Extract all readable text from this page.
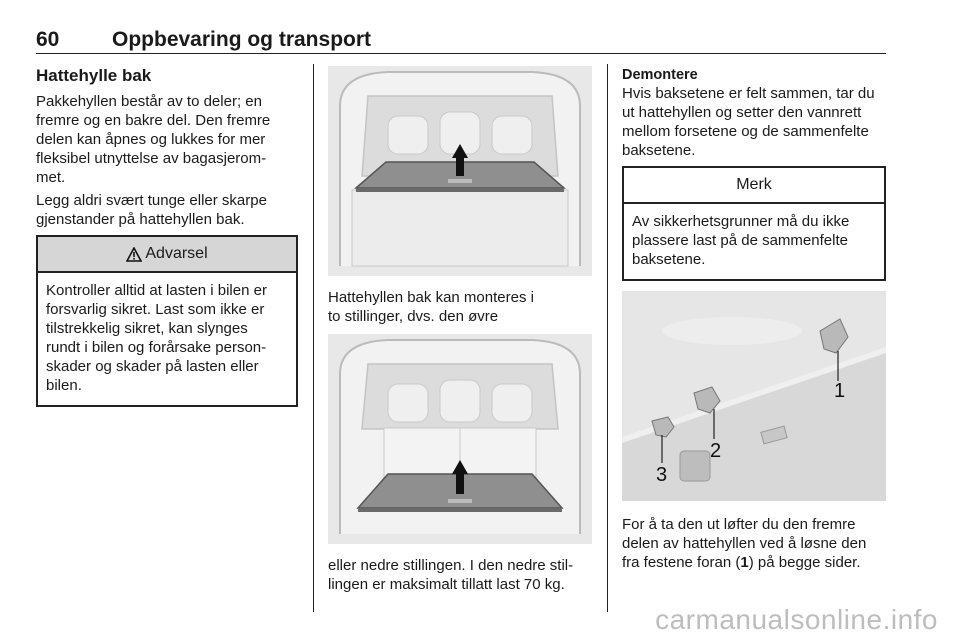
60	Oppbevaring og transport
Hattehylle bak

Pakkehyllen består av to deler; en
fremre og en bakre del. Den fremre
delen kan åpnes og lukkes for mer
fleksibel utnyttelse av bagasjerom-
met.

Legg aldri svært tunge eller skarpe
gjenstander på hattehyllen bak.

Advarsel

Kontroller alltid at lasten i bilen er
forsvarlig sikret. Last som ikke er
tilstrekkelig sikret, kan slynges
rundt i bilen og forårsake person-
skader og skader på lasten eller
bilen.

Hattehyllen bak kan monteres i
to stillinger, dvs. den øvre

eller nedre stillingen. I den nedre stil-
lingen er maksimalt tillatt last 70 kg.

Demontere

Hvis baksetene er felt sammen, tar du
ut hattehyllen og setter den vannrett
mellom forsetene og de sammenfelte
baksetene.

Merk

Av sikkerhetsgrunner må du ikke
plassere last på de sammenfelte
baksetene.

1
2
3

For å ta den ut løfter du den fremre
delen av hattehyllen ved å løsne den
fra festene foran (1) på begge sider.

carmanualsonline.info
